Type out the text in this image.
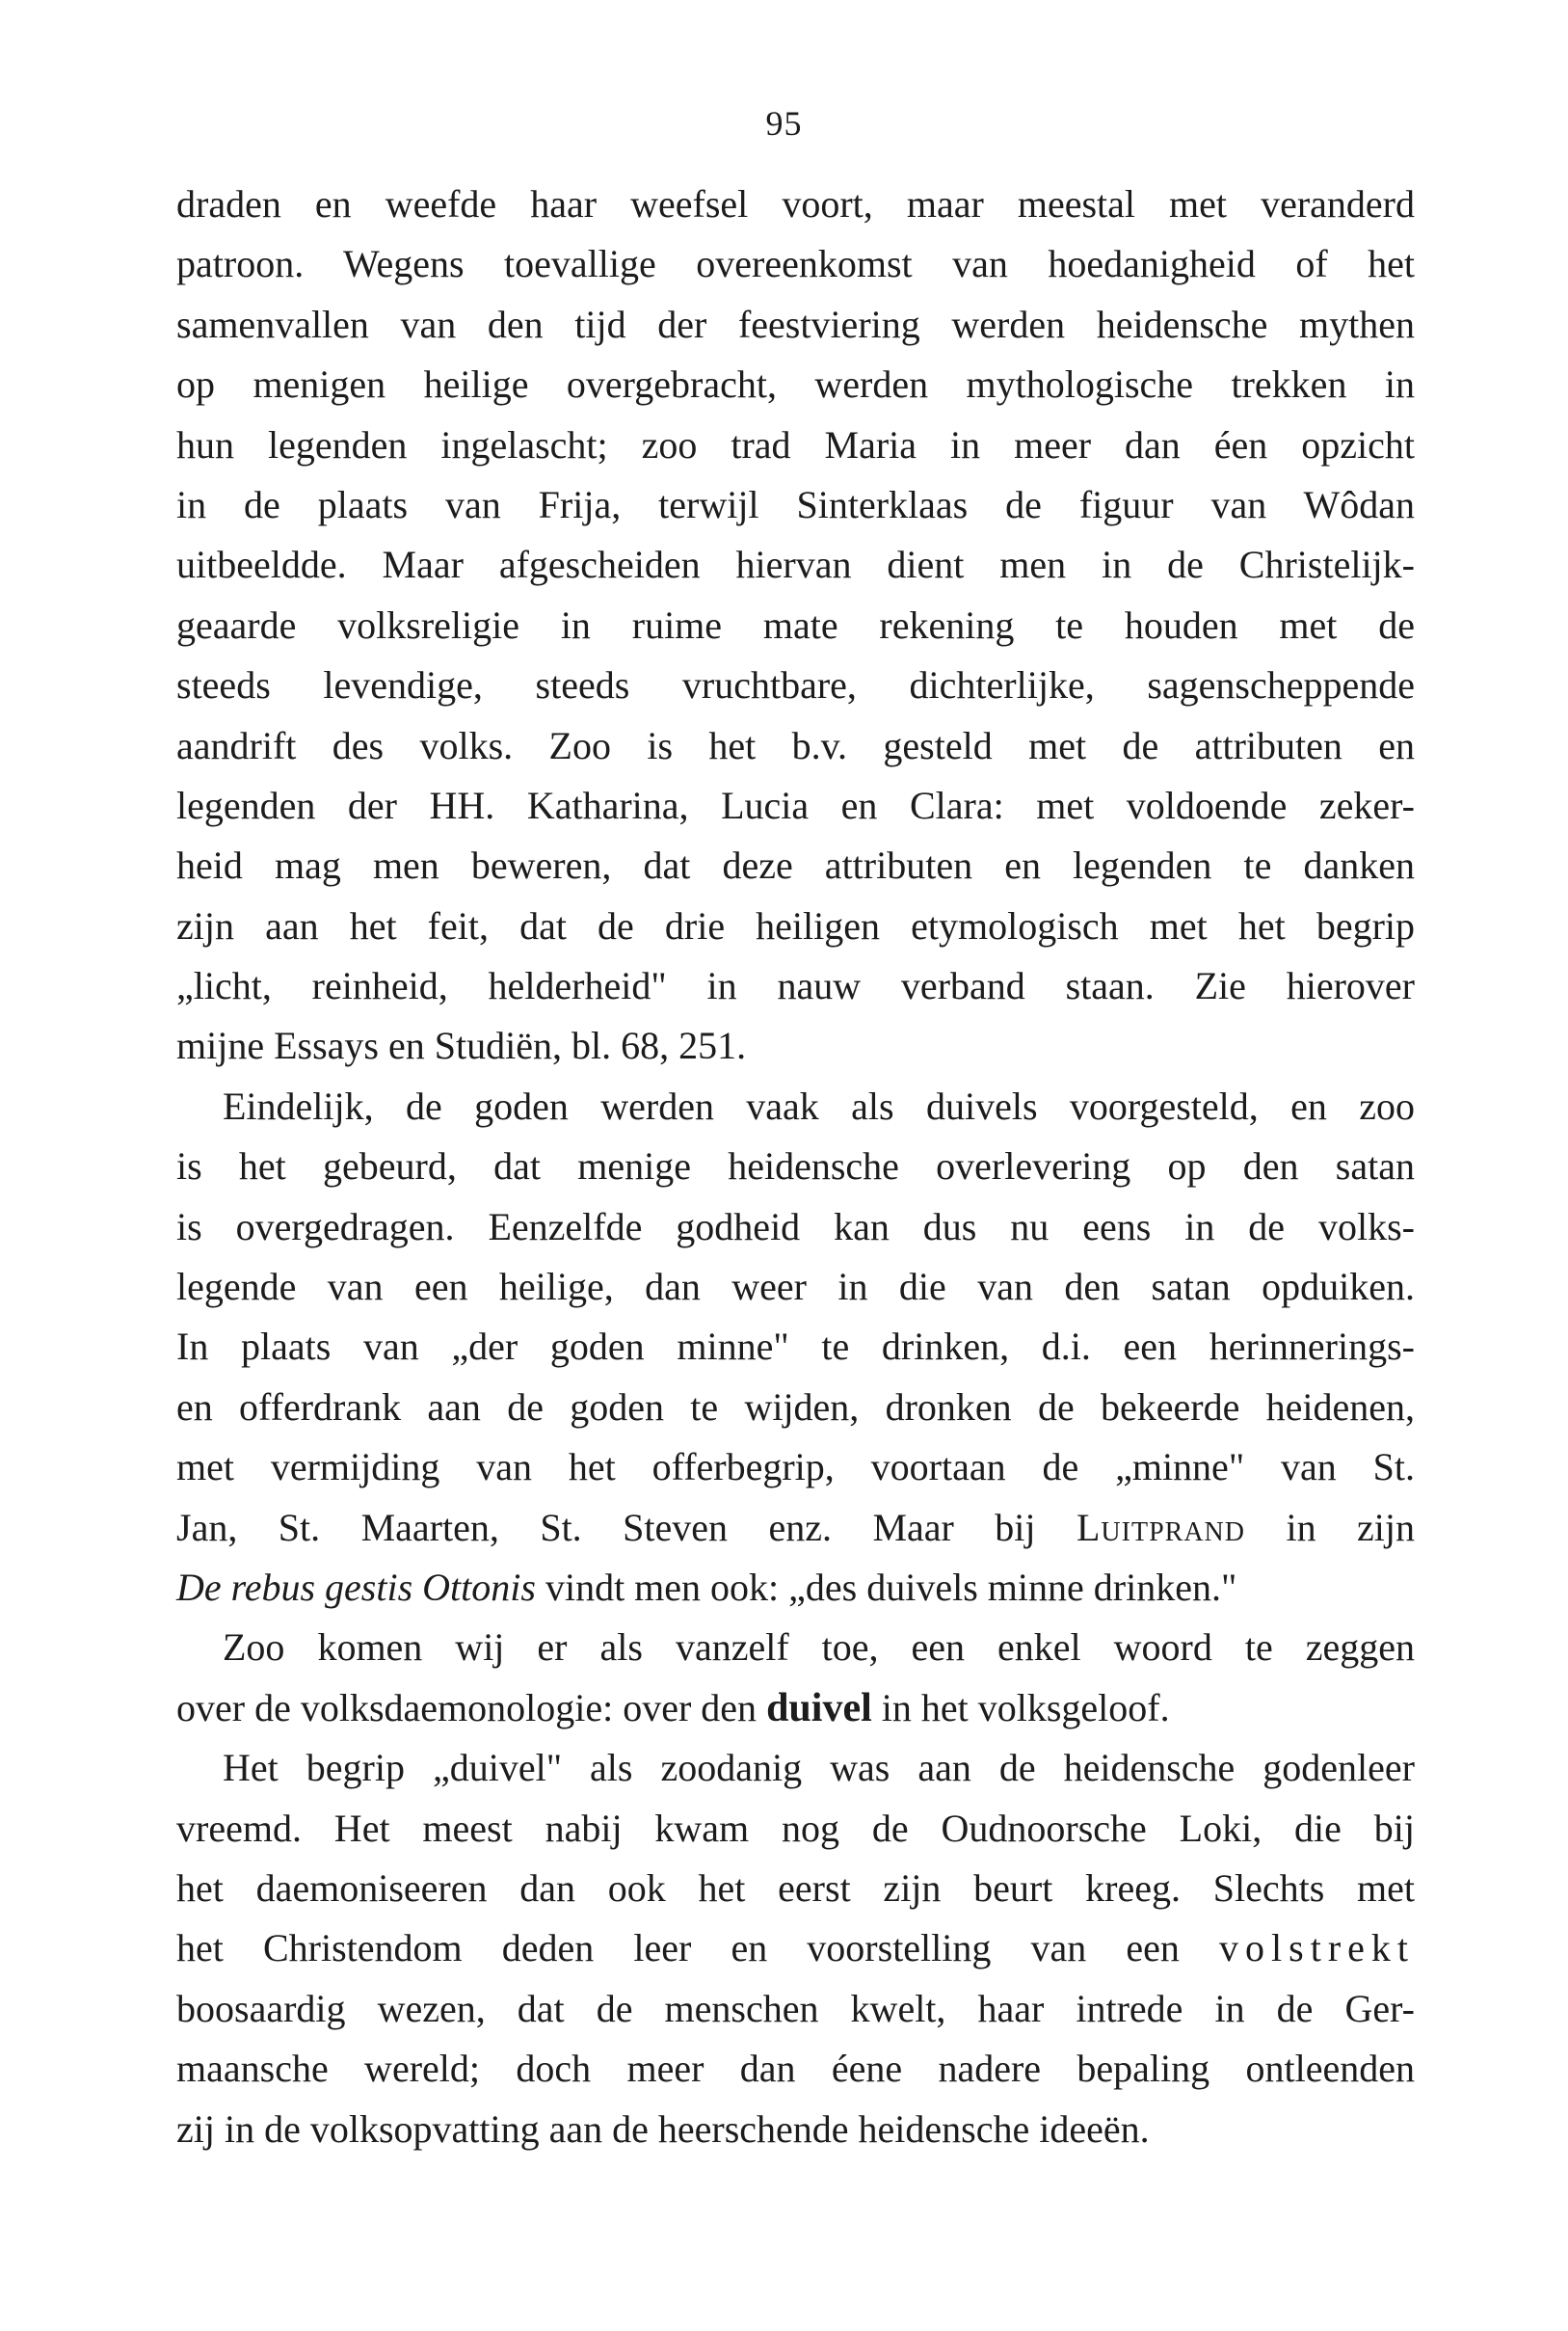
95
draden en weefde haar weefsel voort, maar meestal met veranderd
patroon. Wegens toevallige overeenkomst van hoedanigheid of het
samenvallen van den tijd der feestviering werden heidensche mythen
op menigen heilige overgebracht, werden mythologische trekken in
hun legenden ingelascht; zoo trad Maria in meer dan éen opzicht
in de plaats van Frija, terwijl Sinterklaas de figuur van Wôdan
uitbeeldde. Maar afgescheiden hiervan dient men in de Christelijk-
geaarde volksreligie in ruime mate rekening te houden met de
steeds levendige, steeds vruchtbare, dichterlijke, sagenscheppende
aandrift des volks. Zoo is het b.v. gesteld met de attributen en
legenden der HH. Katharina, Lucia en Clara: met voldoende zeker-
heid mag men beweren, dat deze attributen en legenden te danken
zijn aan het feit, dat de drie heiligen etymologisch met het begrip
„licht, reinheid, helderheid" in nauw verband staan. Zie hierover
mijne Essays en Studiën, bl. 68, 251.
Eindelijk, de goden werden vaak als duivels voorgesteld, en zoo
is het gebeurd, dat menige heidensche overlevering op den satan
is overgedragen. Eenzelfde godheid kan dus nu eens in de volks-
legende van een heilige, dan weer in die van den satan opduiken.
In plaats van „der goden minne" te drinken, d.i. een herinnerings-
en offerdrank aan de goden te wijden, dronken de bekeerde heidenen,
met vermijding van het offerbegrip, voortaan de „minne" van St.
Jan, St. Maarten, St. Steven enz. Maar bij Luitprand in zijn
De rebus gestis Ottonis vindt men ook: „des duivels minne drinken."
Zoo komen wij er als vanzelf toe, een enkel woord te zeggen
over de volksdaemonologie: over den duivel in het volksgeloof.
Het begrip „duivel" als zoodanig was aan de heidensche godenleer
vreemd. Het meest nabij kwam nog de Oudnoorsche Loki, die bij
het daemoniseeren dan ook het eerst zijn beurt kreeg. Slechts met
het Christendom deden leer en voorstelling van een volstrekt
boosaardig wezen, dat de menschen kwelt, haar intrede in de Ger-
maansche wereld; doch meer dan éene nadere bepaling ontleenden
zij in de volksopvatting aan de heerschende heidensche ideeën.
